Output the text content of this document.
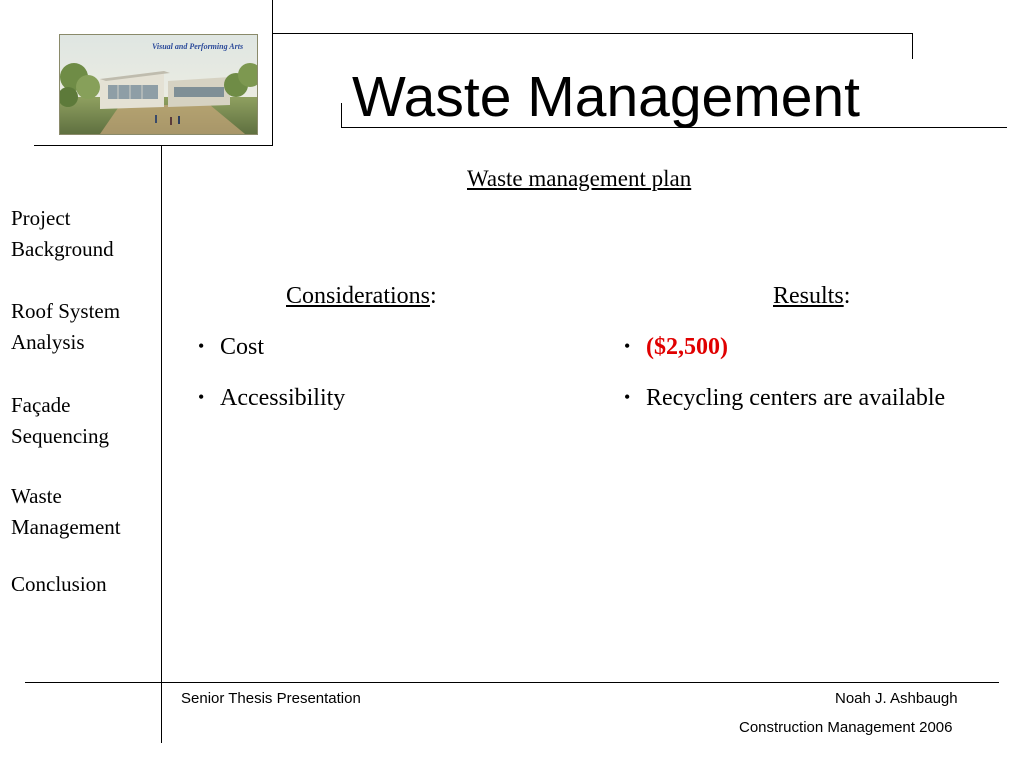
Visual and Performing Arts
Waste Management
Waste management plan
Project Background
Roof System Analysis
Façade Sequencing
Waste Management
Conclusion
Considerations:
• Cost
• Accessibility
Results:
• ($2,500)
• Recycling centers are available
Senior Thesis Presentation	Noah J. Ashbaugh
Construction Management 2006
